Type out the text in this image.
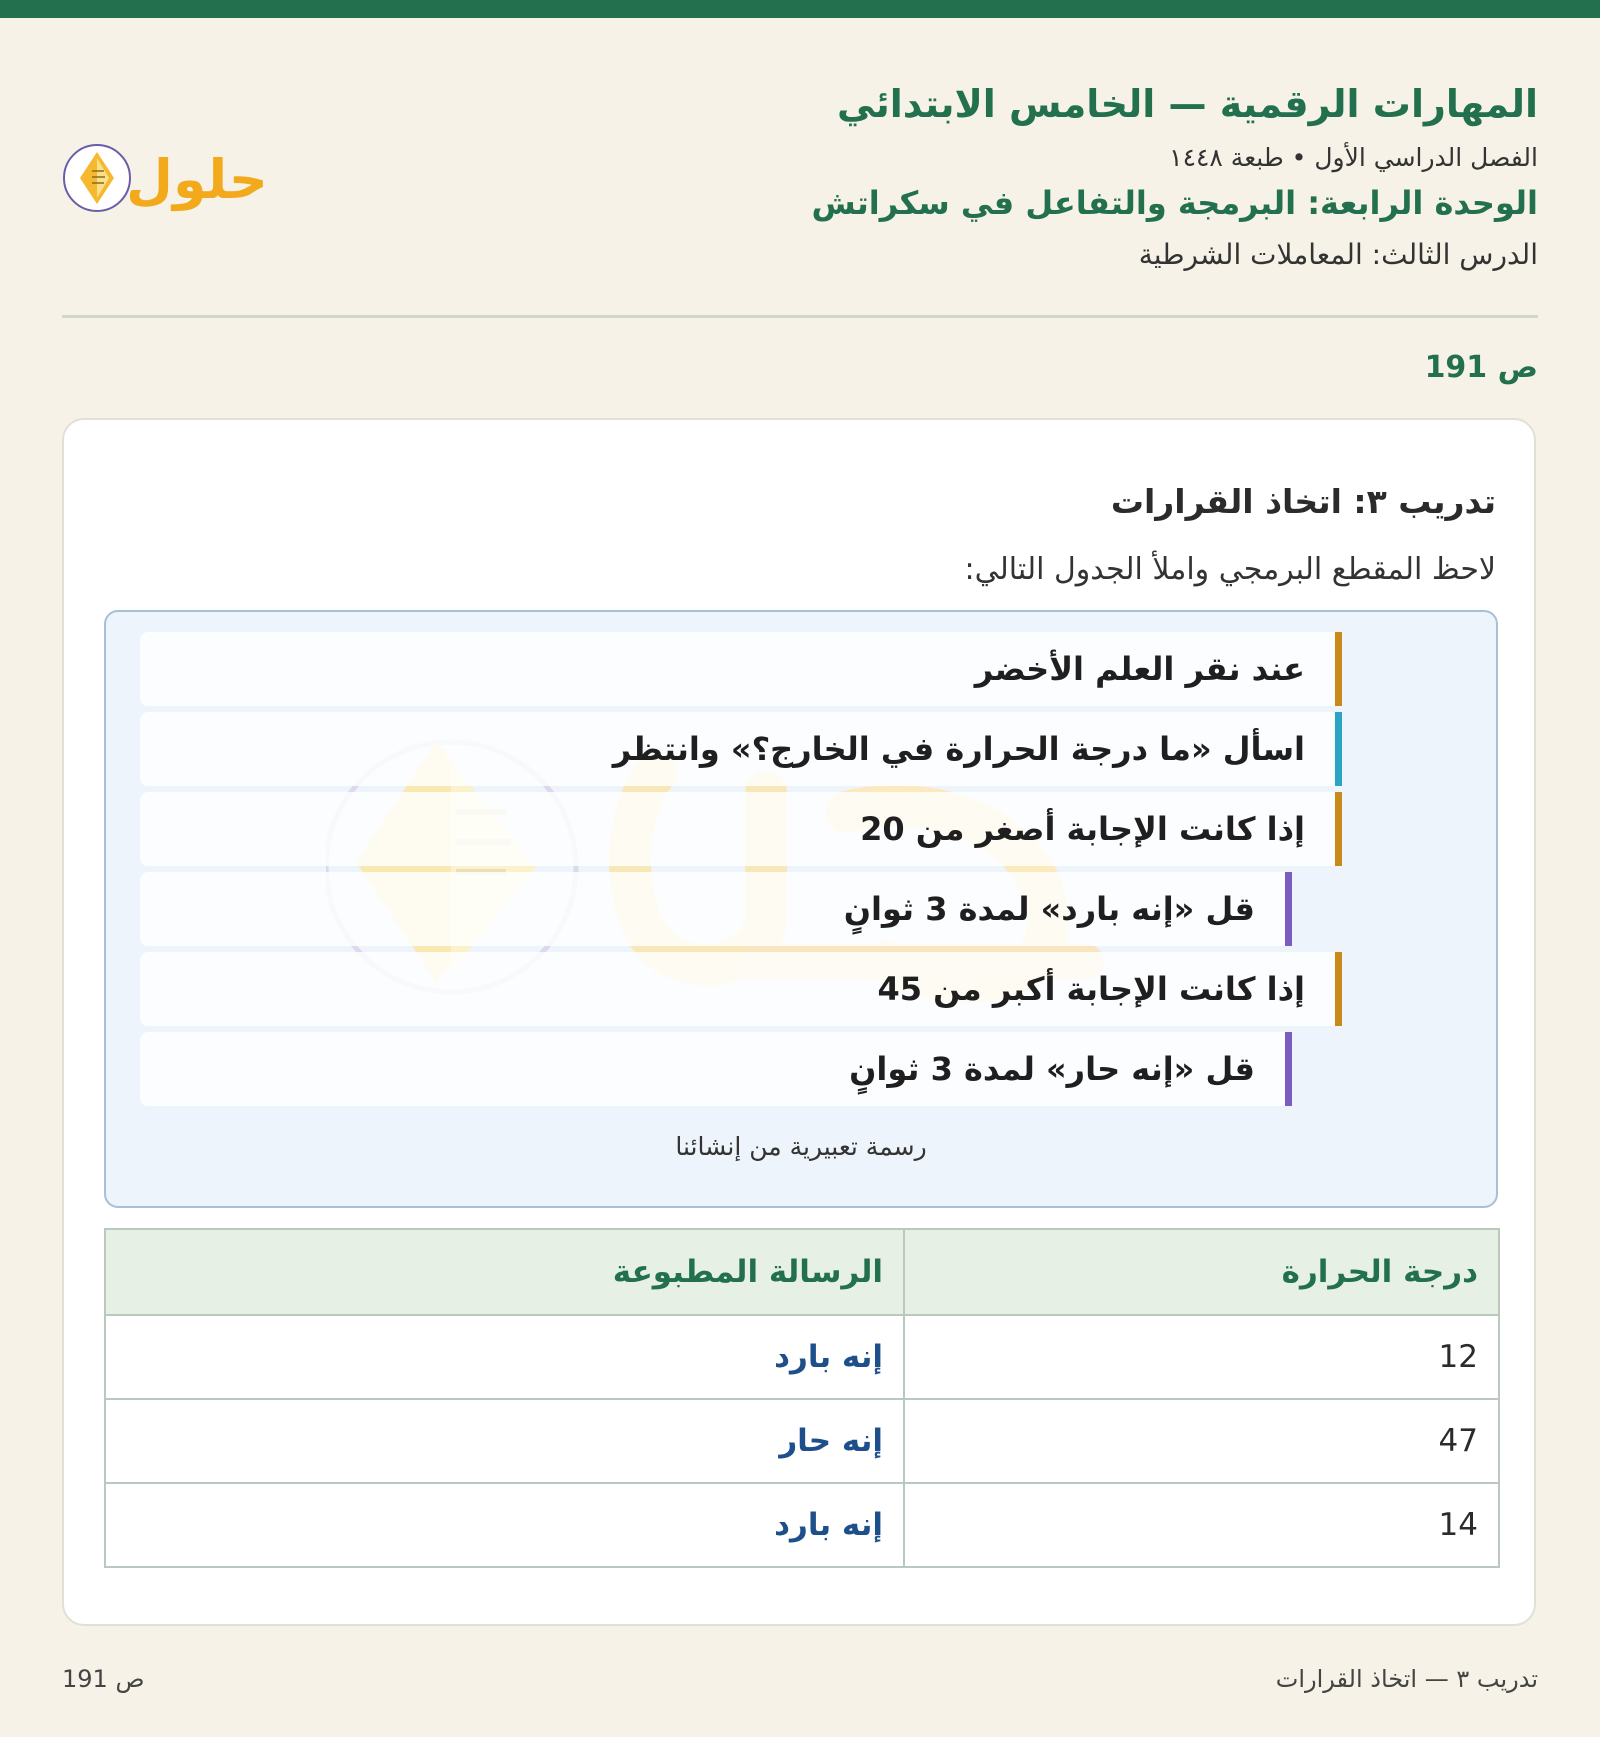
المهارات الرقمية — الخامس الابتدائي
الفصل الدراسي الأول • طبعة ١٤٤٨
الوحدة الرابعة: البرمجة والتفاعل في سكراتش
الدرس الثالث: المعاملات الشرطية
حلول
ص 191
تدريب ٣: اتخاذ القرارات
لاحظ المقطع البرمجي واملأ الجدول التالي:
عند نقر العلم الأخضر
اسأل «ما درجة الحرارة في الخارج؟» وانتظر
إذا كانت الإجابة أصغر من 20
قل «إنه بارد» لمدة 3 ثوانٍ
إذا كانت الإجابة أكبر من 45
قل «إنه حار» لمدة 3 ثوانٍ
رسمة تعبيرية من إنشائنا
درجة الحرارة	الرسالة المطبوعة
12	إنه بارد
47	إنه حار
14	إنه بارد
تدريب ٣ — اتخاذ القرارات
ص 191
